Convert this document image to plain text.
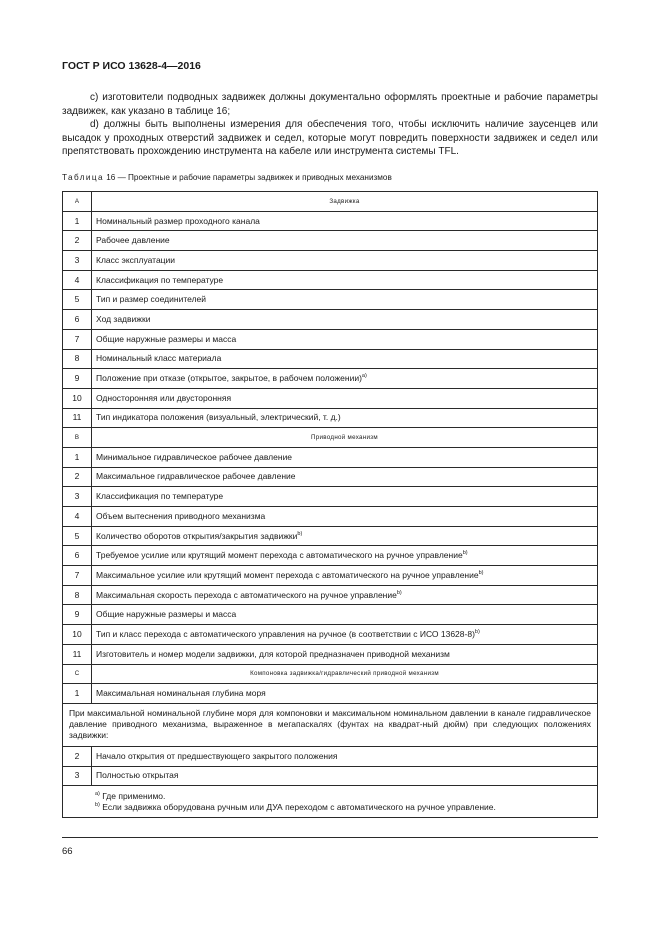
ГОСТ Р ИСО 13628-4—2016
с) изготовители подводных задвижек должны документально оформлять проектные и рабочие параметры задвижек, как указано в таблице 16;
d) должны быть выполнены измерения для обеспечения того, чтобы исключить наличие заусенцев или высадок у проходных отверстий задвижек и седел, которые могут повредить поверхности задвижек и седел или препятствовать прохождению инструмента на кабеле или инструмента системы TFL.
Таблица 16 — Проектные и рабочие параметры задвижек и приводных механизмов
А	Задвижка
1	Номинальный размер проходного канала
2	Рабочее давление
3	Класс эксплуатации
4	Классификация по температуре
5	Тип и размер соединителей
6	Ход задвижки
7	Общие наружные размеры и масса
8	Номинальный класс материала
9	Положение при отказе (открытое, закрытое, в рабочем положении)$^{a)}$
10	Односторонняя или двусторонняя
11	Тип индикатора положения (визуальный, электрический, т. д.)
В	Приводной механизм
1	Минимальное гидравлическое рабочее давление
2	Максимальное гидравлическое рабочее давление
3	Классификация по температуре
4	Объем вытеснения приводного механизма
5	Количество оборотов открытия/закрытия задвижки$^{b)}$
6	Требуемое усилие или крутящий момент перехода с автоматического на ручное управление$^{b)}$
7	Максимальное усилие или крутящий момент перехода с автоматического на ручное управление$^{b)}$
8	Максимальная скорость перехода с автоматического на ручное управление$^{b)}$
9	Общие наружные размеры и масса
10	Тип и класс перехода с автоматического управления на ручное (в соответствии с ИСО 13628-8)$^{b)}$
11	Изготовитель и номер модели задвижки, для которой предназначен приводной механизм
С	Компоновка задвижка/гидравлический приводной механизм
1	Максимальная номинальная глубина моря
При максимальной номинальной глубине моря для компоновки и максимальном номинальном давлении в канале гидравлическое давление приводного механизма, выраженное в мегапаскалях (фунтах на квадрат-ный дюйм) при следующих положениях задвижки:	
2	Начало открытия от предшествующего закрытого положения
3	Полностью открытая

$^{a)}$ Где применимо.
$^{b)}$ Если задвижка оборудована ручным или ДУА переходом с автоматического на ручное управление.	
66
